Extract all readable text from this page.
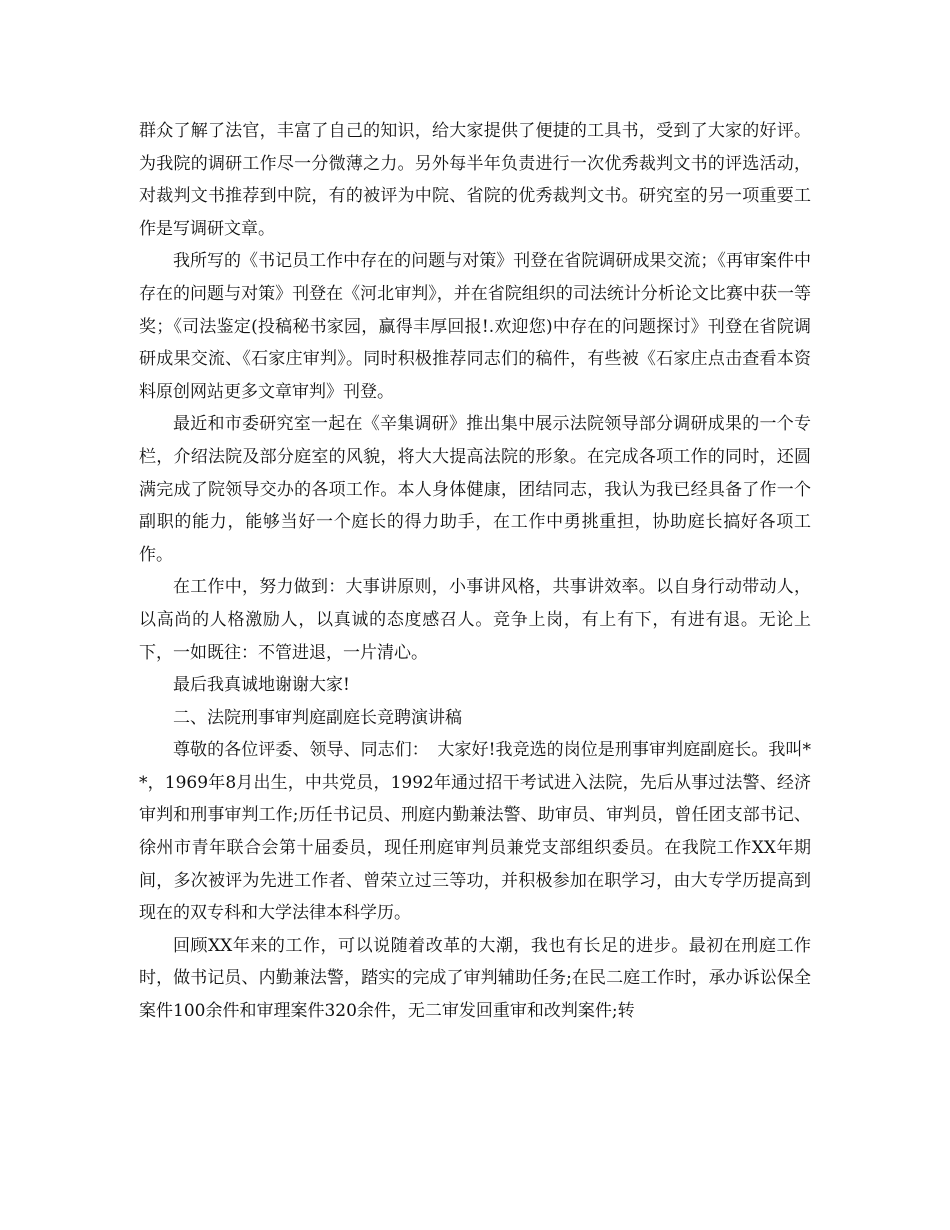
群众了解了法官，丰富了自己的知识，给大家提供了便捷的工具书，受到了大家的好评。为我院的调研工作尽一分微薄之力。另外每半年负责进行一次优秀裁判文书的评选活动，对裁判文书推荐到中院，有的被评为中院、省院的优秀裁判文书。研究室的另一项重要工作是写调研文章。

我所写的《书记员工作中存在的问题与对策》刊登在省院调研成果交流；《再审案件中存在的问题与对策》刊登在《河北审判》，并在省院组织的司法统计分析论文比赛中获一等奖；《司法鉴定(投稿秘书家园，赢得丰厚回报!.欢迎您)中存在的问题探讨》刊登在省院调研成果交流、《石家庄审判》。同时积极推荐同志们的稿件，有些被《石家庄点击查看本资料原创网站更多文章审判》刊登。

最近和市委研究室一起在《辛集调研》推出集中展示法院领导部分调研成果的一个专栏，介绍法院及部分庭室的风貌，将大大提高法院的形象。在完成各项工作的同时，还圆满完成了院领导交办的各项工作。本人身体健康，团结同志，我认为我已经具备了作一个副职的能力，能够当好一个庭长的得力助手，在工作中勇挑重担，协助庭长搞好各项工作。

在工作中，努力做到：大事讲原则，小事讲风格，共事讲效率。以自身行动带动人，以高尚的人格激励人，以真诚的态度感召人。竞争上岗，有上有下，有进有退。无论上下，一如既往：不管进退，一片清心。

最后我真诚地谢谢大家!

二、法院刑事审判庭副庭长竞聘演讲稿

尊敬的各位评委、领导、同志们：　大家好!我竞选的岗位是刑事审判庭副庭长。我叫**，1969年8月出生，中共党员，1992年通过招干考试进入法院，先后从事过法警、经济审判和刑事审判工作;历任书记员、刑庭内勤兼法警、助审员、审判员，曾任团支部书记、徐州市青年联合会第十届委员，现任刑庭审判员兼党支部组织委员。在我院工作XX年期间，多次被评为先进工作者、曾荣立过三等功，并积极参加在职学习，由大专学历提高到现在的双专科和大学法律本科学历。

回顾XX年来的工作，可以说随着改革的大潮，我也有长足的进步。最初在刑庭工作时，做书记员、内勤兼法警，踏实的完成了审判辅助任务;在民二庭工作时，承办诉讼保全案件100余件和审理案件320余件，无二审发回重审和改判案件;转
